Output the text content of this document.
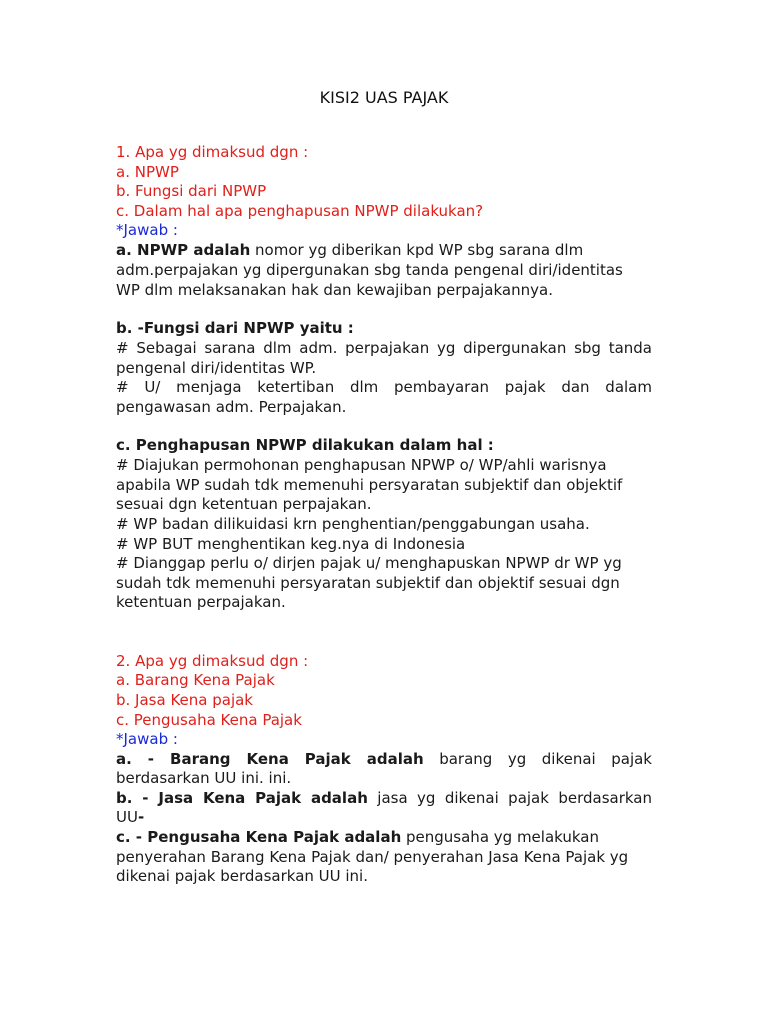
KISI2 UAS PAJAK
1. Apa yg dimaksud dgn :
a. NPWP
b. Fungsi dari NPWP
c. Dalam hal apa penghapusan NPWP dilakukan?
*Jawab :
a. NPWP adalah nomor yg diberikan kpd WP sbg sarana dlm
adm.perpajakan yg dipergunakan sbg tanda pengenal diri/identitas
WP dlm melaksanakan hak dan kewajiban perpajakannya.
b. -Fungsi dari NPWP yaitu :
# Sebagai sarana dlm adm. perpajakan yg dipergunakan sbg tanda
pengenal diri/identitas WP.
# U/ menjaga ketertiban dlm pembayaran pajak dan dalam
pengawasan adm. Perpajakan.
c. Penghapusan NPWP dilakukan dalam hal :
# Diajukan permohonan penghapusan NPWP o/ WP/ahli warisnya
apabila WP sudah tdk memenuhi persyaratan subjektif dan objektif
sesuai dgn ketentuan perpajakan.
# WP badan dilikuidasi krn penghentian/penggabungan usaha.
# WP BUT menghentikan keg.nya di Indonesia
# Dianggap perlu o/ dirjen pajak u/ menghapuskan NPWP dr WP yg
sudah tdk memenuhi persyaratan subjektif dan objektif sesuai dgn
ketentuan perpajakan.
2. Apa yg dimaksud dgn :
a. Barang Kena Pajak
b. Jasa Kena pajak
c. Pengusaha Kena Pajak
*Jawab :
a. - Barang Kena Pajak adalah barang yg dikenai pajak
berdasarkan UU ini. ini.
b. - Jasa Kena Pajak adalah jasa yg dikenai pajak berdasarkan
UU-
c. - Pengusaha Kena Pajak adalah pengusaha yg melakukan
penyerahan Barang Kena Pajak dan/ penyerahan Jasa Kena Pajak yg
dikenai pajak berdasarkan UU ini.
